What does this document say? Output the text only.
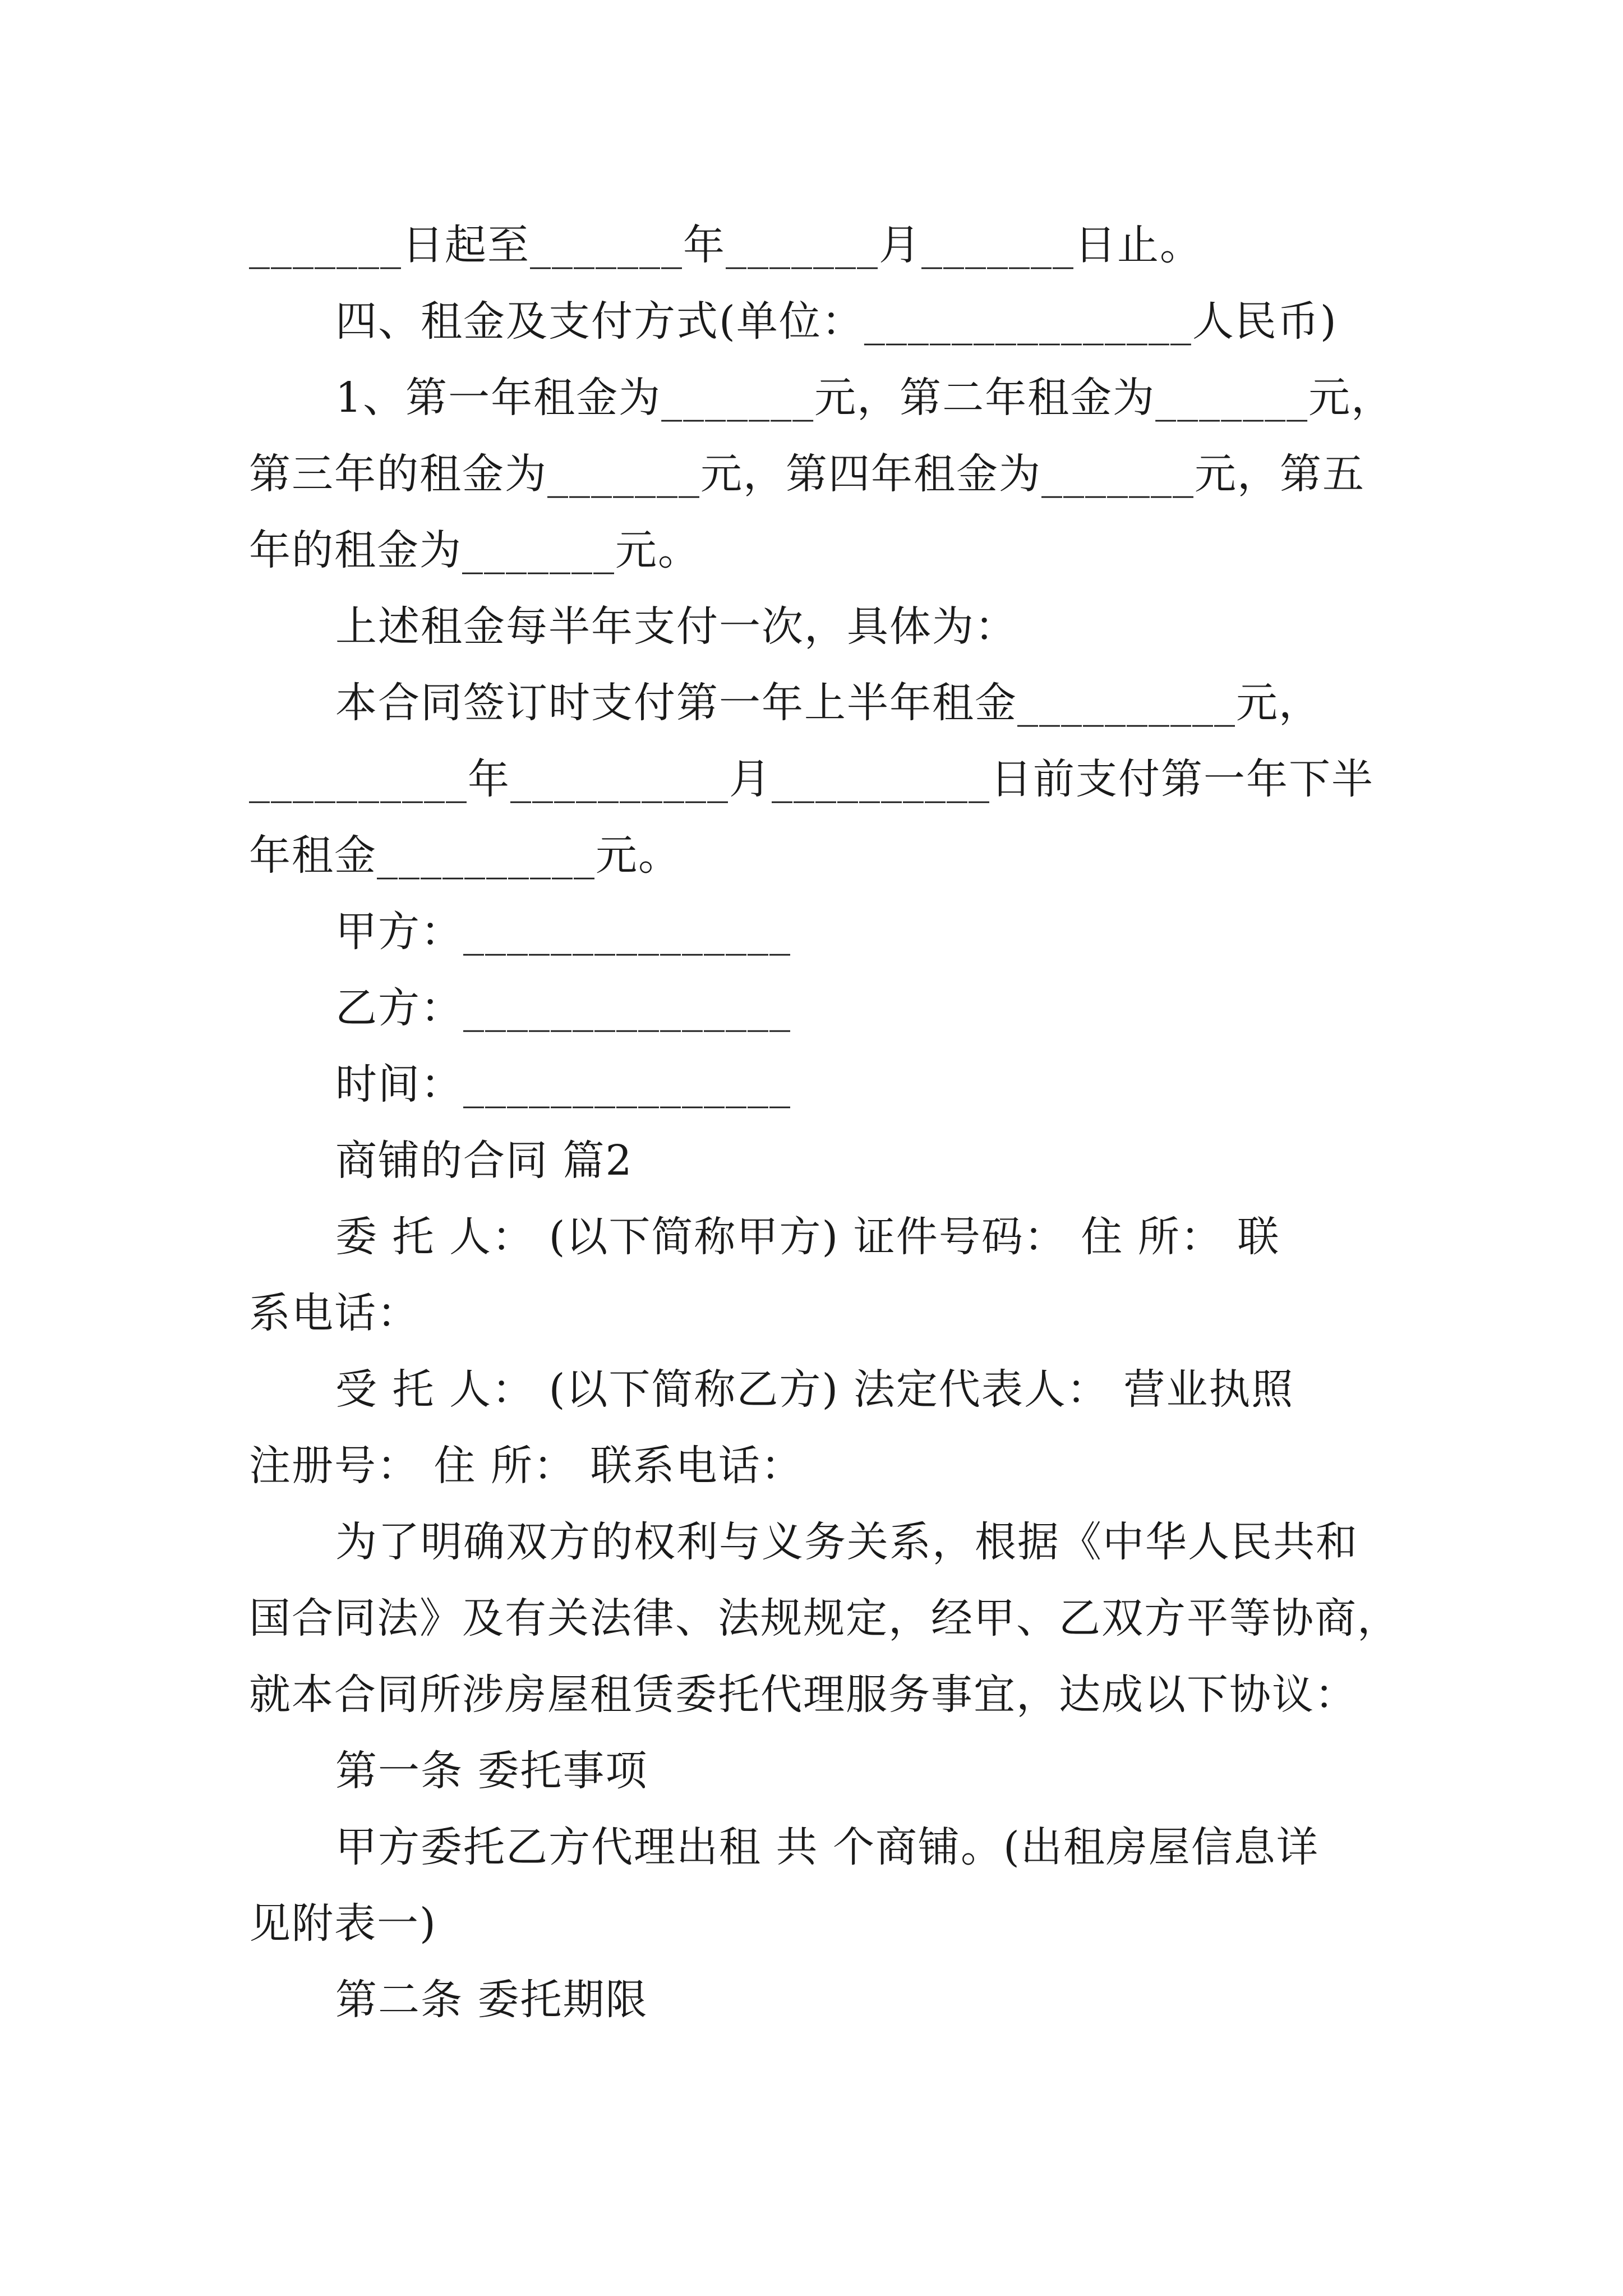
_______日起至_______年_______月_______日止。
四、租金及支付方式(单位：_______________人民币)
1、第一年租金为_______元，第二年租金为_______元，
第三年的租金为_______元，第四年租金为_______元，第五
年的租金为_______元。
上述租金每半年支付一次，具体为：
本合同签订时支付第一年上半年租金__________元，
__________年__________月__________日前支付第一年下半
年租金__________元。
甲方：_______________
乙方：_______________
时间：_______________
商铺的合同 篇2
委 托 人： (以下简称甲方) 证件号码： 住 所： 联
系电话：
受 托 人： (以下简称乙方) 法定代表人： 营业执照
注册号： 住 所： 联系电话：
为了明确双方的权利与义务关系，根据《中华人民共和
国合同法》及有关法律、法规规定，经甲、乙双方平等协商，
就本合同所涉房屋租赁委托代理服务事宜，达成以下协议：
第一条 委托事项
甲方委托乙方代理出租 共 个商铺。(出租房屋信息详
见附表一)
第二条 委托期限
